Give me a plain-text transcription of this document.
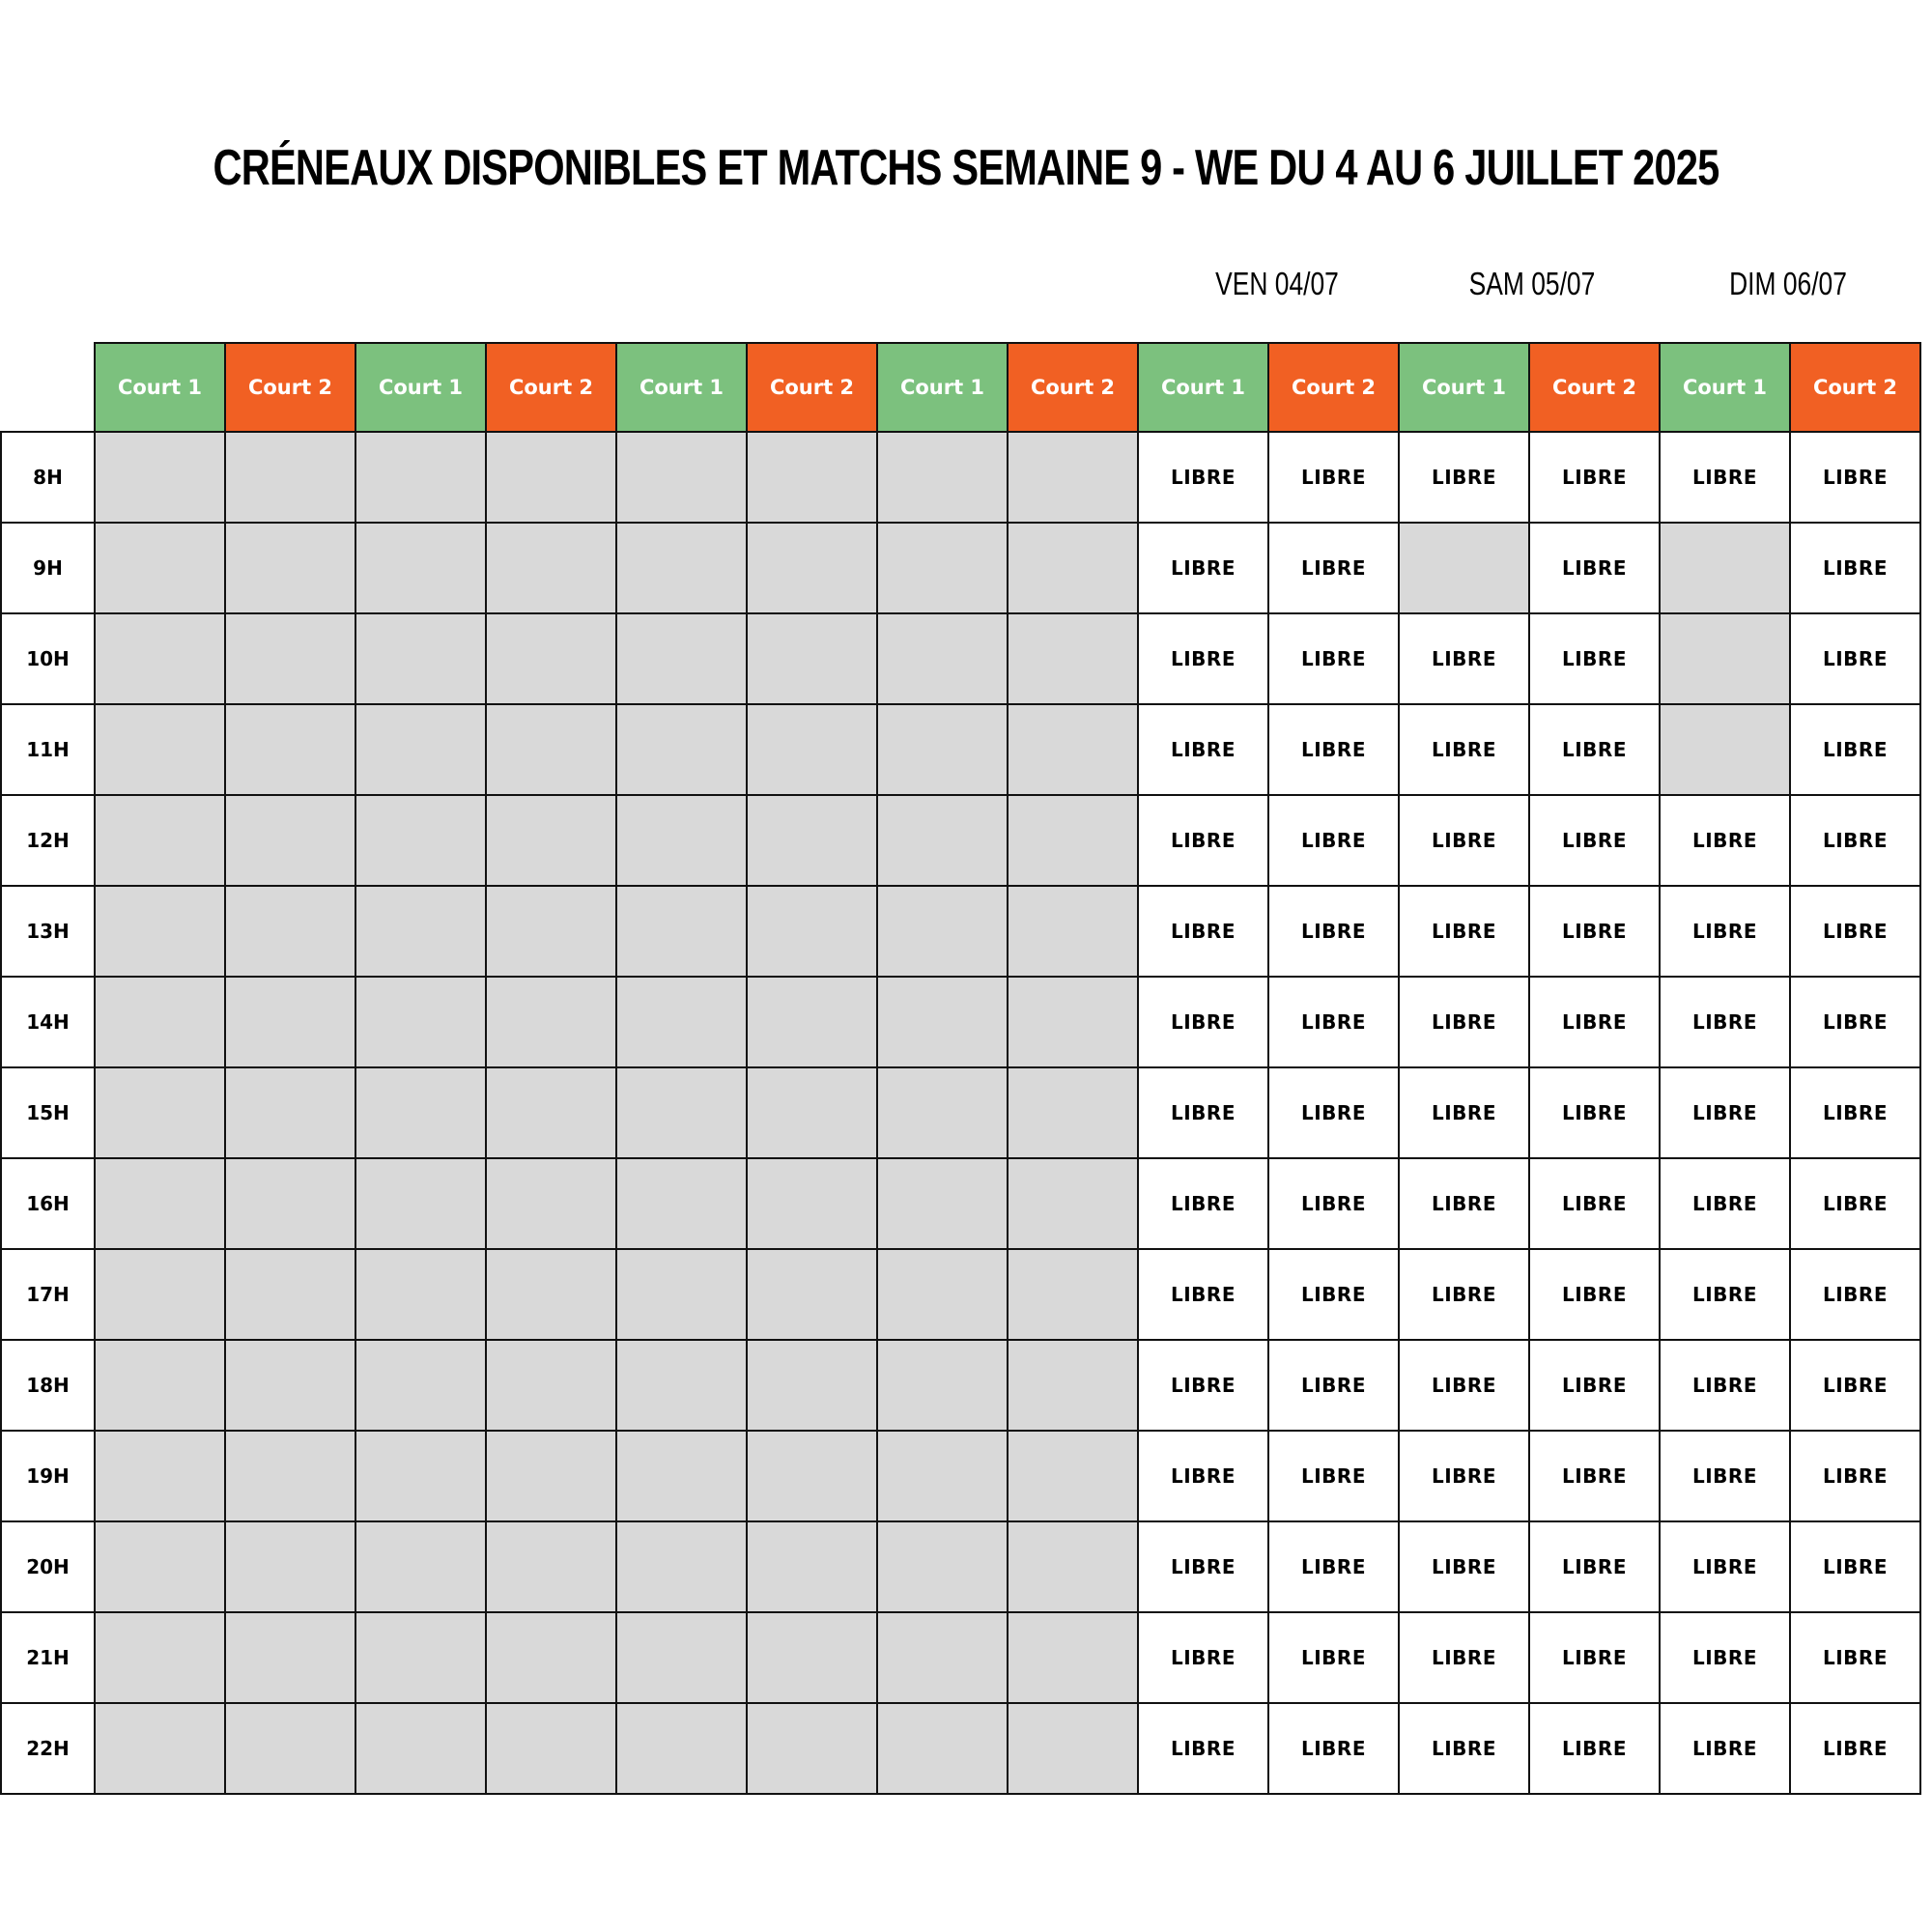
CRÉNEAUX DISPONIBLES ET MATCHS SEMAINE 9 - WE DU 4 AU 6 JUILLET 2025
VEN 04/07	SAM 05/07	DIM 06/07
	Court 1	Court 2	Court 1	Court 2	Court 1	Court 2	Court 1	Court 2	Court 1	Court 2	Court 1	Court 2	Court 1	Court 2
8H									LIBRE	LIBRE	LIBRE	LIBRE	LIBRE	LIBRE
9H									LIBRE	LIBRE		LIBRE		LIBRE
10H									LIBRE	LIBRE	LIBRE	LIBRE		LIBRE
11H									LIBRE	LIBRE	LIBRE	LIBRE		LIBRE
12H									LIBRE	LIBRE	LIBRE	LIBRE	LIBRE	LIBRE
13H									LIBRE	LIBRE	LIBRE	LIBRE	LIBRE	LIBRE
14H									LIBRE	LIBRE	LIBRE	LIBRE	LIBRE	LIBRE
15H									LIBRE	LIBRE	LIBRE	LIBRE	LIBRE	LIBRE
16H									LIBRE	LIBRE	LIBRE	LIBRE	LIBRE	LIBRE
17H									LIBRE	LIBRE	LIBRE	LIBRE	LIBRE	LIBRE
18H									LIBRE	LIBRE	LIBRE	LIBRE	LIBRE	LIBRE
19H									LIBRE	LIBRE	LIBRE	LIBRE	LIBRE	LIBRE
20H									LIBRE	LIBRE	LIBRE	LIBRE	LIBRE	LIBRE
21H									LIBRE	LIBRE	LIBRE	LIBRE	LIBRE	LIBRE
22H									LIBRE	LIBRE	LIBRE	LIBRE	LIBRE	LIBRE
